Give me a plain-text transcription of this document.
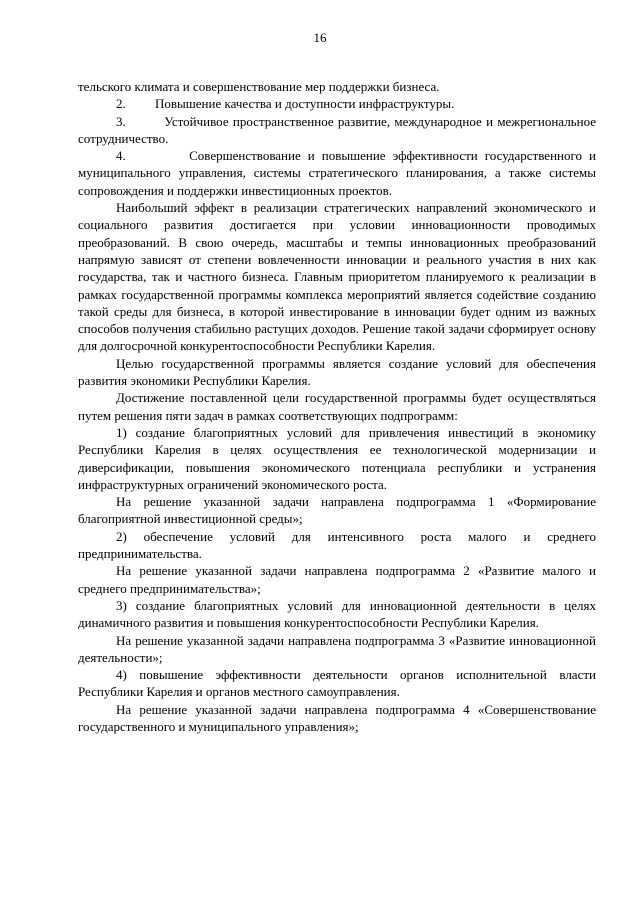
16

тельского климата и совершенствование мер поддержки бизнеса.

2.         Повышение качества и доступности инфраструктуры.

3.         Устойчивое пространственное развитие, международное и межрегиональное сотрудничество.

4.         Совершенствование и повышение эффективности государственного и муниципального управления, системы стратегического планирования, а также системы сопровождения и поддержки инвестиционных проектов.

Наибольший эффект в реализации стратегических направлений экономического и социального развития достигается при условии инновационности проводимых преобразований. В свою очередь, масштабы и темпы инновационных преобразований напрямую зависят от степени вовлеченности инновации и реального участия в них как государства, так и частного бизнеса. Главным приоритетом планируемого к реализации в рамках государственной программы комплекса мероприятий является содействие созданию такой среды для бизнеса, в которой инвестирование в инновации будет одним из важных способов получения стабильно растущих доходов. Решение такой задачи сформирует основу для долгосрочной конкурентоспособности Республики Карелия.

Целью государственной программы является создание условий для обеспечения развития экономики Республики Карелия.

Достижение поставленной цели государственной программы будет осуществляться путем решения пяти задач в рамках соответствующих подпрограмм:

1) создание благоприятных условий для привлечения инвестиций в экономику Республики Карелия в целях осуществления ее технологической модернизации и диверсификации, повышения экономического потенциала республики и устранения инфраструктурных ограничений экономического роста.

На решение указанной задачи направлена подпрограмма 1 «Формирование благоприятной инвестиционной среды»;

2) обеспечение условий для интенсивного роста малого и среднего предпринимательства.

На решение указанной задачи направлена подпрограмма 2 «Развитие малого и среднего предпринимательства»;

3) создание благоприятных условий для инновационной деятельности в целях динамичного развития и повышения конкурентоспособности Республики Карелия.

На решение указанной задачи направлена подпрограмма 3 «Развитие инновационной деятельности»;

4) повышение эффективности деятельности органов исполнительной власти Республики Карелия и органов местного самоуправления.

На решение указанной задачи направлена подпрограмма 4 «Совершенствование государственного и муниципального управления»;
